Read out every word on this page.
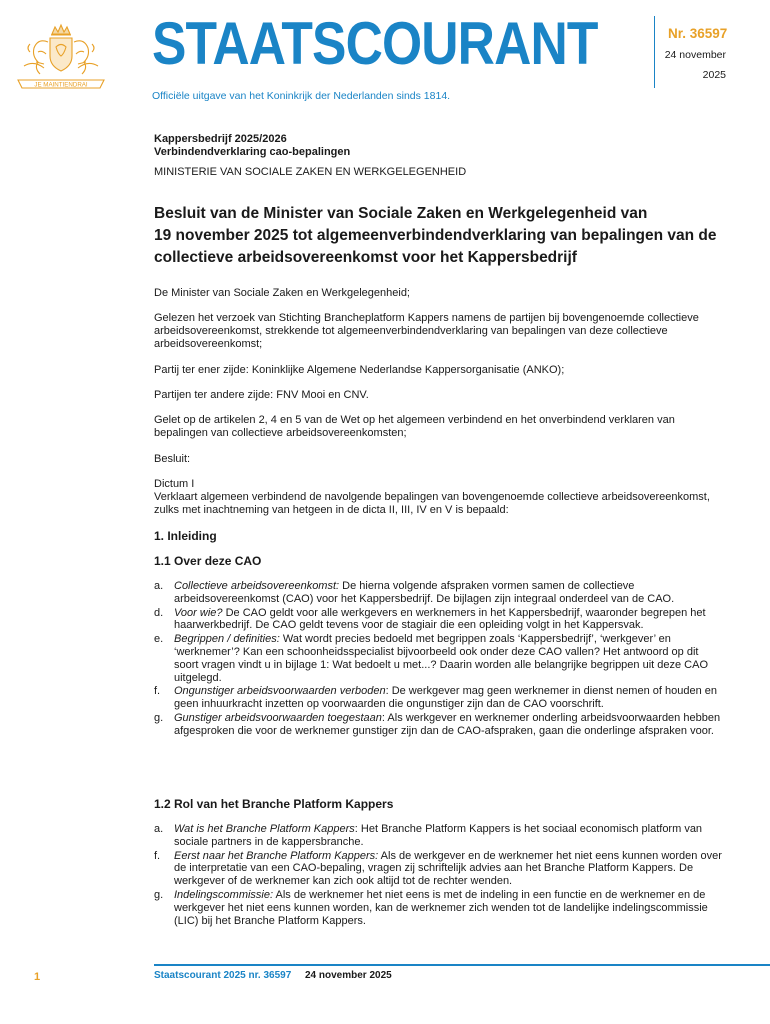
JE MAINTIENDRAI
STAATSCOURANT
Officiële uitgave van het Koninkrijk der Nederlanden sinds 1814.
Nr. 36597
24 november
2025
Kappersbedrijf 2025/2026
Verbindendverklaring cao-bepalingen
MINISTERIE VAN SOCIALE ZAKEN EN WERKGELEGENHEID
Besluit van de Minister van Sociale Zaken en Werkgelegenheid van
19 november 2025 tot algemeenverbindendverklaring van bepalingen van de
collectieve arbeidsovereenkomst voor het Kappersbedrijf

De Minister van Sociale Zaken en Werkgelegenheid;

Gelezen het verzoek van Stichting Brancheplatform Kappers namens de partijen bij bovengenoemde collectieve arbeidsovereenkomst, strekkende tot algemeenverbindendverklaring van bepalingen van deze collectieve arbeidsovereenkomst;

Partij ter ener zijde: Koninklijke Algemene Nederlandse Kappersorganisatie (ANKO);

Partijen ter andere zijde: FNV Mooi en CNV.

Gelet op de artikelen 2, 4 en 5 van de Wet op het algemeen verbindend en het onverbindend verklaren van bepalingen van collectieve arbeidsovereenkomsten;

Besluit:

Dictum I
Verklaart algemeen verbindend de navolgende bepalingen van bovengenoemde collectieve arbeidsovereenkomst, zulks met inachtneming van hetgeen in de dicta II, III, IV en V is bepaald:
1. Inleiding
1.1 Over deze CAO
a. Collectieve arbeidsovereenkomst: De hierna volgende afspraken vormen samen de collectieve arbeidsovereenkomst (CAO) voor het Kappersbedrijf. De bijlagen zijn integraal onderdeel van de CAO.
d. Voor wie? De CAO geldt voor alle werkgevers en werknemers in het Kappersbedrijf, waaronder begrepen het haarwerkbedrijf. De CAO geldt tevens voor de stagiair die een opleiding volgt in het Kappersvak.
e. Begrippen / definities: Wat wordt precies bedoeld met begrippen zoals ‘Kappersbedrijf’, ‘werkgever’ en ‘werknemer’? Kan een schoonheidsspecialist bijvoorbeeld ook onder deze CAO vallen? Het antwoord op dit soort vragen vindt u in bijlage 1: Wat bedoelt u met...? Daarin worden alle belangrijke begrippen uit deze CAO uitgelegd.
f. Ongunstiger arbeidsvoorwaarden verboden: De werkgever mag geen werknemer in dienst nemen of houden en geen inhuurkracht inzetten op voorwaarden die ongunstiger zijn dan de CAO voorschrift.
g. Gunstiger arbeidsvoorwaarden toegestaan: Als werkgever en werknemer onderling arbeidsvoorwaarden hebben afgesproken die voor de werknemer gunstiger zijn dan de CAO-afspraken, gaan die onderlinge afspraken voor.
1.2 Rol van het Branche Platform Kappers
a. Wat is het Branche Platform Kappers: Het Branche Platform Kappers is het sociaal economisch platform van sociale partners in de kappersbranche.
f. Eerst naar het Branche Platform Kappers: Als de werkgever en de werknemer het niet eens kunnen worden over de interpretatie van een CAO-bepaling, vragen zij schriftelijk advies aan het Branche Platform Kappers. De werkgever of de werknemer kan zich ook altijd tot de rechter wenden.
g. Indelingscommissie: Als de werknemer het niet eens is met de indeling in een functie en de werknemer en de werkgever het niet eens kunnen worden, kan de werknemer zich wenden tot de landelijke indelingscommissie (LIC) bij het Branche Platform Kappers.
1	Staatscourant 2025 nr. 36597 24 november 2025
